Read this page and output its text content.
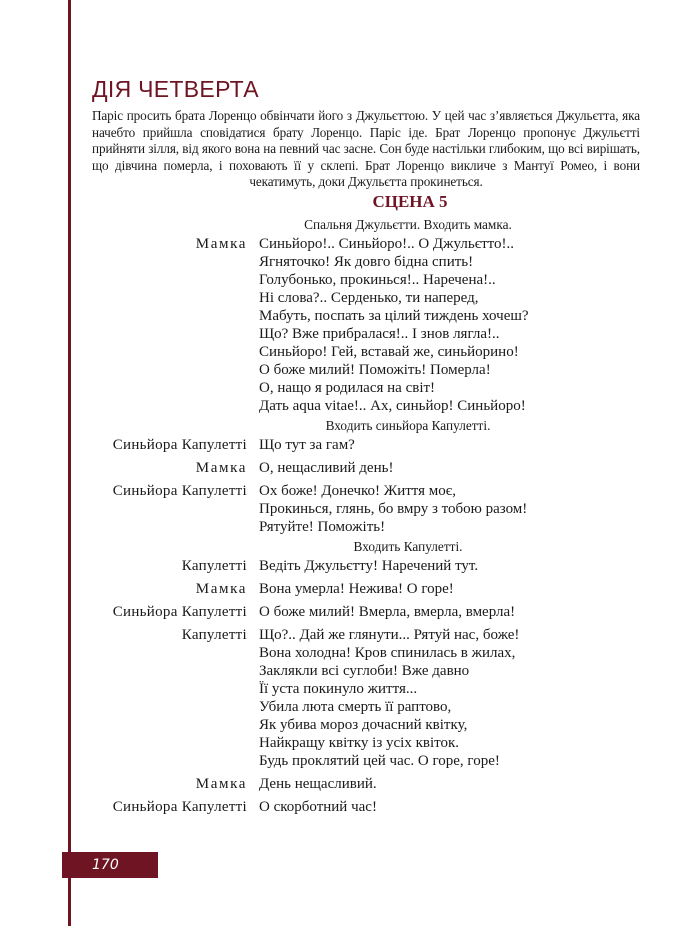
ДІЯ ЧЕТВЕРТА

Паріс просить брата Лоренцо обвінчати його з Джульєттою. У цей час з’являється Джульєтта, яка начебто прийшла сповідатися брату Лоренцо. Паріс іде. Брат Лоренцо пропонує Джульєтті прийняти зілля, від якого вона на певний час засне. Сон буде настільки глибоким, що всі вирішать, що дівчина померла, і поховають її у склепі. Брат Лоренцо викличе з Мантуї Ромео, і вони чекатимуть, доки Джульєтта прокинеться.

СЦЕНА 5

Спальня Джульєтти. Входить мамка.

Мамка Синьйоро!.. Синьйоро!.. О Джульєтто!..
Ягняточко! Як довго бідна спить!
Голубонько, прокинься!.. Наречена!..
Ні слова?.. Серденько, ти наперед,
Мабуть, поспать за цілий тиждень хочеш?
Що? Вже прибралася!.. І знов лягла!..
Синьйоро! Гей, вставай же, синьйорино!
О боже милий! Поможіть! Померла!
О, нащо я родилася на світ!
Дать aqua vitae!.. Ах, синьйор! Синьйоро!

Входить синьйора Капулетті.

Синьйора Капулетті Що тут за гам?
Мамка О, нещасливий день!
Синьйора Капулетті Ох боже! Донечко! Життя моє,
Прокинься, глянь, бо вмру з тобою разом!
Рятуйте! Поможіть!

Входить Капулетті.

Капулетті Ведіть Джульєтту! Наречений тут.
Мамка Вона умерла! Нежива! О горе!
Синьйора Капулетті О боже милий! Вмерла, вмерла, вмерла!
Капулетті Що?.. Дай же глянути... Рятуй нас, боже!
Вона холодна! Кров спинилась в жилах,
Заклякли всі суглоби! Вже давно
Її уста покинуло життя...
Убила люта смерть її раптово,
Як убива мороз дочасний квітку,
Найкращу квітку із усіх квіток.
Будь проклятий цей час. О горе, горе!
Мамка День нещасливий.
Синьйора Капулетті О скорботний час!
170
